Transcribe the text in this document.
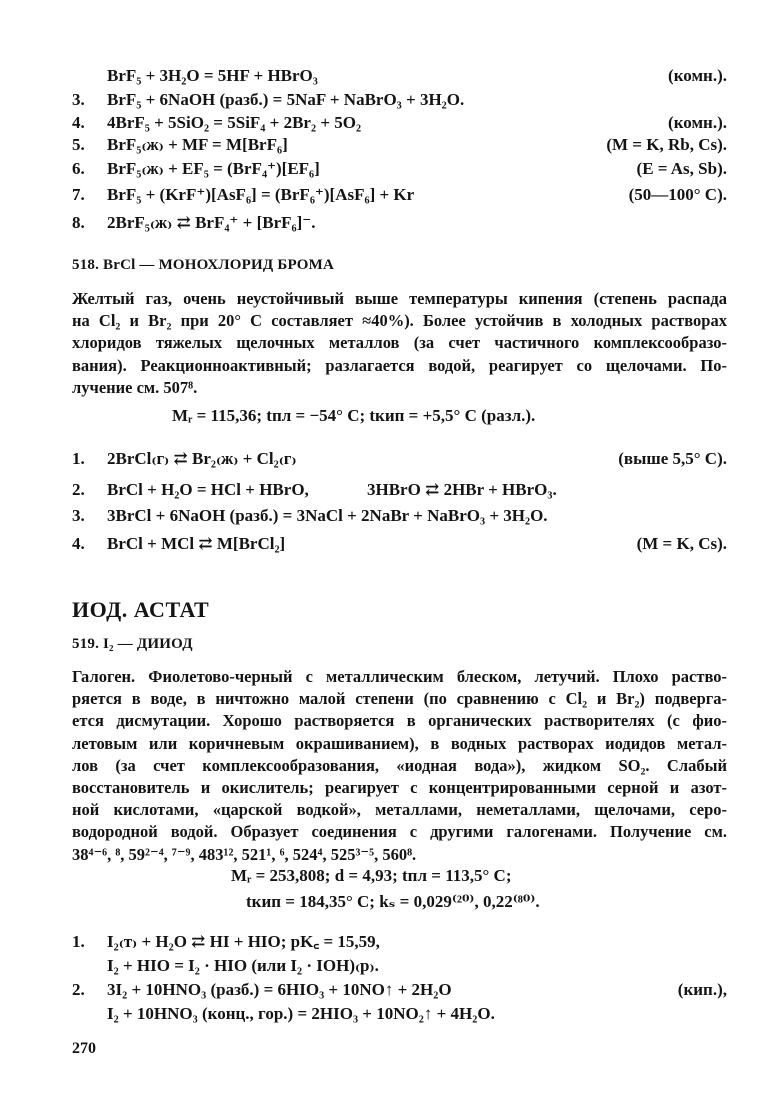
BrF₅ + 3H₂O = 5HF + HBrO₃	(комн.).
3.	BrF₅ + 6NaOH (разб.) = 5NaF + NaBrO₃ + 3H₂O.
4.	4BrF₅ + 5SiO₂ = 5SiF₄ + 2Br₂ + 5O₂	(комн.).
5.	BrF₅₍ж₎ + MF = M[BrF₆]	(M = K, Rb, Cs).
6.	BrF₅₍ж₎ + EF₅ = (BrF₄⁺)[EF₆]	(E = As, Sb).
7.	BrF₅ + (KrF⁺)[AsF₆] = (BrF₆⁺)[AsF₆] + Kr	(50—100° C).
8.	2BrF₅₍ж₎ ⇄ BrF₄⁺ + [BrF₆]⁻.
518. BrCl — МОНОХЛОРИД БРОМА
Желтый газ, очень неустойчивый выше температуры кипения (степень распада
на Cl₂ и Br₂ при 20° С составляет ≈40%). Более устойчив в холодных растворах
хлоридов тяжелых щелочных металлов (за счет частичного комплексообразо-
вания). Реакционноактивный; разлагается водой, реагирует со щелочами. По-
лучение см. 507⁸.
Mᵣ = 115,36; tпл = −54° С; tкип = +5,5° С (разл.).
1.	2BrCl₍г₎ ⇄ Br₂₍ж₎ + Cl₂₍г₎	(выше 5,5° С).
2.	BrCl + H₂O = HCl + HBrO,	3HBrO ⇄ 2HBr + HBrO₃.
3.	3BrCl + 6NaOH (разб.) = 3NaCl + 2NaBr + NaBrO₃ + 3H₂O.
4.	BrCl + MCl ⇄ M[BrCl₂]	(M = K, Cs).
ИОД. АСТАТ
519. I₂ — ДИИОД
Галоген. Фиолетово-черный с металлическим блеском, летучий. Плохо раство-
ряется в воде, в ничтожно малой степени (по сравнению с Cl₂ и Br₂) подверга-
ется дисмутации. Хорошо растворяется в органических растворителях (с фио-
летовым или коричневым окрашиванием), в водных растворах иодидов метал-
лов (за счет комплексообразования, «иодная вода»), жидком SO₂. Слабый
восстановитель и окислитель; реагирует с концентрированными серной и азот-
ной кислотами, «царской водкой», металлами, неметаллами, щелочами, серо-
водородной водой. Образует соединения с другими галогенами. Получение см.
38⁴⁻⁶, ⁸, 59²⁻⁴, ⁷⁻⁹, 483¹², 521¹, ⁶, 524⁴, 525³⁻⁵, 560⁸.
Mᵣ = 253,808; d = 4,93; tпл = 113,5° С;
tкип = 184,35° С; kₛ = 0,029⁽²⁰⁾, 0,22⁽⁸⁰⁾.
1.	I₂₍т₎ + H₂O ⇄ HI + HIO; pK꜀ = 15,59,
I₂ + HIO = I₂ · HIO (или I₂ · IOH)₍р₎.
2.	3I₂ + 10HNO₃ (разб.) = 6HIO₃ + 10NO↑ + 2H₂O	(кип.),
I₂ + 10HNO₃ (конц., гор.) = 2HIO₃ + 10NO₂↑ + 4H₂O.
270
